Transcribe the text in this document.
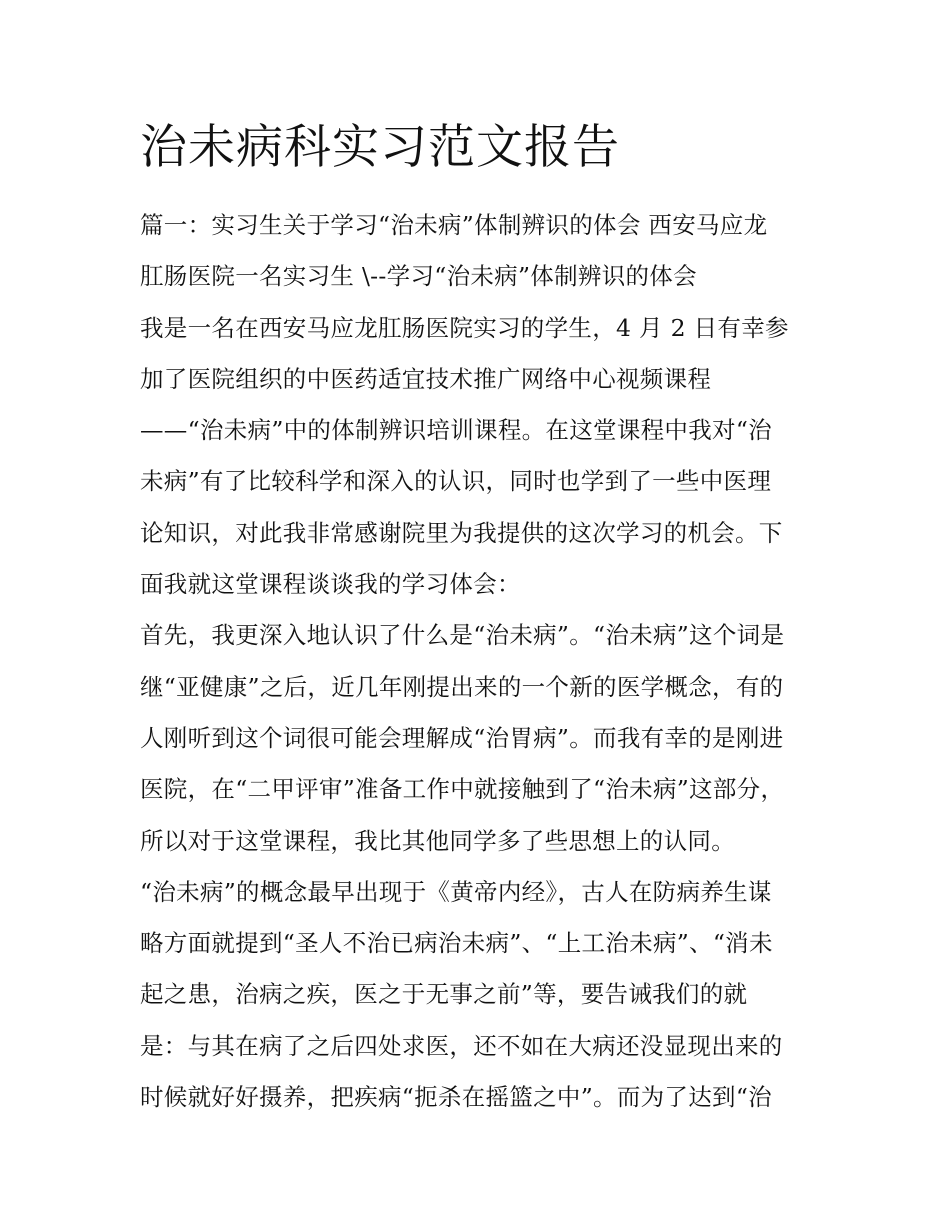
治未病科实习范文报告

篇一：实习生关于学习“治未病”体制辨识的体会 西安马应龙

肛肠医院一名实习生 \--学习“治未病”体制辨识的体会

我是一名在西安马应龙肛肠医院实习的学生，4 月 2 日有幸参

加了医院组织的中医药适宜技术推广网络中心视频课程

——“治未病”中的体制辨识培训课程。在这堂课程中我对“治

未病”有了比较科学和深入的认识，同时也学到了一些中医理

论知识，对此我非常感谢院里为我提供的这次学习的机会。下

面我就这堂课程谈谈我的学习体会：

首先，我更深入地认识了什么是“治未病”。“治未病”这个词是

继“亚健康”之后，近几年刚提出来的一个新的医学概念，有的

人刚听到这个词很可能会理解成“治胃病”。而我有幸的是刚进

医院，在“二甲评审”准备工作中就接触到了“治未病”这部分，

所以对于这堂课程，我比其他同学多了些思想上的认同。

“治未病”的概念最早出现于《黄帝内经》，古人在防病养生谋

略方面就提到“圣人不治已病治未病”、“上工治未病”、“消未

起之患，治病之疾，医之于无事之前”等，要告诫我们的就

是：与其在病了之后四处求医，还不如在大病还没显现出来的

时候就好好摄养，把疾病“扼杀在摇篮之中”。而为了达到“治
